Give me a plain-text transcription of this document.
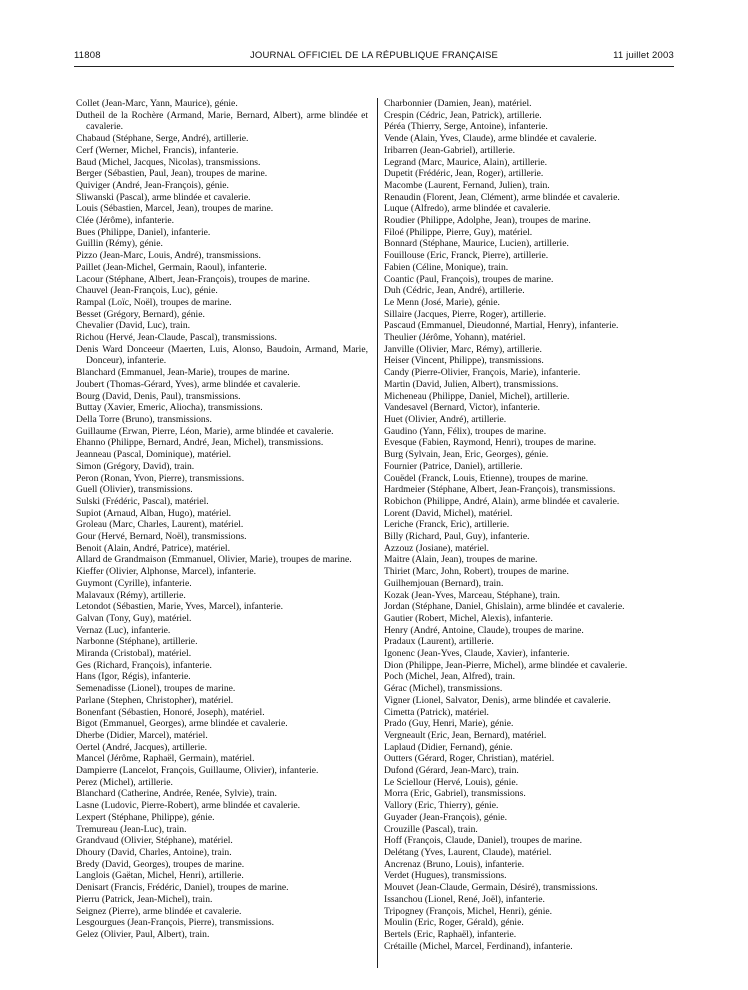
11808	JOURNAL OFFICIEL DE LA RÉPUBLIQUE FRANÇAISE	11 juillet 2003

Collet (Jean-Marc, Yann, Maurice), génie.

Dutheil de la Rochère (Armand, Marie, Bernard, Albert), arme blindée et cavalerie.

Chabaud (Stéphane, Serge, André), artillerie.

Cerf (Werner, Michel, Francis), infanterie.

Baud (Michel, Jacques, Nicolas), transmissions.

Berger (Sébastien, Paul, Jean), troupes de marine.

Quiviger (André, Jean-François), génie.

Sliwanski (Pascal), arme blindée et cavalerie.

Louis (Sébastien, Marcel, Jean), troupes de marine.

Clée (Jérôme), infanterie.

Bues (Philippe, Daniel), infanterie.

Guillin (Rémy), génie.

Pizzo (Jean-Marc, Louis, André), transmissions.

Paillet (Jean-Michel, Germain, Raoul), infanterie.

Lacour (Stéphane, Albert, Jean-François), troupes de marine.

Chauvel (Jean-François, Luc), génie.

Rampal (Loïc, Noël), troupes de marine.

Besset (Grégory, Bernard), génie.

Chevalier (David, Luc), train.

Richou (Hervé, Jean-Claude, Pascal), transmissions.

Denis Ward Donceeur (Maerten, Luis, Alonso, Baudoin, Armand, Marie, Donceur), infanterie.

Blanchard (Emmanuel, Jean-Marie), troupes de marine.

Joubert (Thomas-Gérard, Yves), arme blindée et cavalerie.

Bourg (David, Denis, Paul), transmissions.

Buttay (Xavier, Emeric, Aliocha), transmissions.

Della Torre (Bruno), transmissions.

Guillaume (Erwan, Pierre, Léon, Marie), arme blindée et cavalerie.

Ehanno (Philippe, Bernard, André, Jean, Michel), transmissions.

Jeanneau (Pascal, Dominique), matériel.

Simon (Grégory, David), train.

Peron (Ronan, Yvon, Pierre), transmissions.

Guell (Olivier), transmissions.

Sulski (Frédéric, Pascal), matériel.

Supiot (Arnaud, Alban, Hugo), matériel.

Groleau (Marc, Charles, Laurent), matériel.

Gour (Hervé, Bernard, Noël), transmissions.

Benoit (Alain, André, Patrice), matériel.

Allard de Grandmaison (Emmanuel, Olivier, Marie), troupes de marine.

Kieffer (Olivier, Alphonse, Marcel), infanterie.

Guymont (Cyrille), infanterie.

Malavaux (Rémy), artillerie.

Letondot (Sébastien, Marie, Yves, Marcel), infanterie.

Galvan (Tony, Guy), matériel.

Vernaz (Luc), infanterie.

Narbonne (Stéphane), artillerie.

Miranda (Cristobal), matériel.

Ges (Richard, François), infanterie.

Hans (Igor, Régis), infanterie.

Semenadisse (Lionel), troupes de marine.

Parlane (Stephen, Christopher), matériel.

Bonenfant (Sébastien, Honoré, Joseph), matériel.

Bigot (Emmanuel, Georges), arme blindée et cavalerie.

Dherbe (Didier, Marcel), matériel.

Oertel (André, Jacques), artillerie.

Mancel (Jérôme, Raphaël, Germain), matériel.

Dampierre (Lancelot, François, Guillaume, Olivier), infanterie.

Perez (Michel), artillerie.

Blanchard (Catherine, Andrée, Renée, Sylvie), train.

Lasne (Ludovic, Pierre-Robert), arme blindée et cavalerie.

Lexpert (Stéphane, Philippe), génie.

Tremureau (Jean-Luc), train.

Grandvaud (Olivier, Stéphane), matériel.

Dhoury (David, Charles, Antoine), train.

Bredy (David, Georges), troupes de marine.

Langlois (Gaëtan, Michel, Henri), artillerie.

Denisart (Francis, Frédéric, Daniel), troupes de marine.

Pierru (Patrick, Jean-Michel), train.

Seignez (Pierre), arme blindée et cavalerie.

Lesgourgues (Jean-François, Pierre), transmissions.

Gelez (Olivier, Paul, Albert), train.

Charbonnier (Damien, Jean), matériel.

Crespin (Cédric, Jean, Patrick), artillerie.

Péréa (Thierry, Serge, Antoine), infanterie.

Vende (Alain, Yves, Claude), arme blindée et cavalerie.

Iribarren (Jean-Gabriel), artillerie.

Legrand (Marc, Maurice, Alain), artillerie.

Dupetit (Frédéric, Jean, Roger), artillerie.

Macombe (Laurent, Fernand, Julien), train.

Renaudin (Florent, Jean, Clément), arme blindée et cavalerie.

Luque (Alfredo), arme blindée et cavalerie.

Roudier (Philippe, Adolphe, Jean), troupes de marine.

Filoé (Philippe, Pierre, Guy), matériel.

Bonnard (Stéphane, Maurice, Lucien), artillerie.

Fouillouse (Eric, Franck, Pierre), artillerie.

Fabien (Céline, Monique), train.

Coantic (Paul, François), troupes de marine.

Duh (Cédric, Jean, André), artillerie.

Le Menn (José, Marie), génie.

Sillaire (Jacques, Pierre, Roger), artillerie.

Pascaud (Emmanuel, Dieudonné, Martial, Henry), infanterie.

Theulier (Jérôme, Yohann), matériel.

Janville (Olivier, Marc, Rémy), artillerie.

Heiser (Vincent, Philippe), transmissions.

Candy (Pierre-Olivier, François, Marie), infanterie.

Martin (David, Julien, Albert), transmissions.

Micheneau (Philippe, Daniel, Michel), artillerie.

Vandesavel (Bernard, Victor), infanterie.

Huet (Olivier, André), artillerie.

Gaudino (Yann, Félix), troupes de marine.

Evesque (Fabien, Raymond, Henri), troupes de marine.

Burg (Sylvain, Jean, Eric, Georges), génie.

Fournier (Patrice, Daniel), artillerie.

Couëdel (Franck, Louis, Etienne), troupes de marine.

Hardmeier (Stéphane, Albert, Jean-François), transmissions.

Robichon (Philippe, André, Alain), arme blindée et cavalerie.

Lorent (David, Michel), matériel.

Leriche (Franck, Eric), artillerie.

Billy (Richard, Paul, Guy), infanterie.

Azzouz (Josiane), matériel.

Maitre (Alain, Jean), troupes de marine.

Thiriet (Marc, John, Robert), troupes de marine.

Guilhemjouan (Bernard), train.

Kozak (Jean-Yves, Marceau, Stéphane), train.

Jordan (Stéphane, Daniel, Ghislain), arme blindée et cavalerie.

Gautier (Robert, Michel, Alexis), infanterie.

Henry (André, Antoine, Claude), troupes de marine.

Pradaux (Laurent), artillerie.

Igonenc (Jean-Yves, Claude, Xavier), infanterie.

Dion (Philippe, Jean-Pierre, Michel), arme blindée et cavalerie.

Poch (Michel, Jean, Alfred), train.

Gérac (Michel), transmissions.

Vigner (Lionel, Salvator, Denis), arme blindée et cavalerie.

Cimetta (Patrick), matériel.

Prado (Guy, Henri, Marie), génie.

Vergneault (Eric, Jean, Bernard), matériel.

Laplaud (Didier, Fernand), génie.

Outters (Gérard, Roger, Christian), matériel.

Dufond (Gérard, Jean-Marc), train.

Le Sciellour (Hervé, Louis), génie.

Morra (Eric, Gabriel), transmissions.

Vallory (Eric, Thierry), génie.

Guyader (Jean-François), génie.

Crouzille (Pascal), train.

Hoff (François, Claude, Daniel), troupes de marine.

Delétang (Yves, Laurent, Claude), matériel.

Ancrenaz (Bruno, Louis), infanterie.

Verdet (Hugues), transmissions.

Mouvet (Jean-Claude, Germain, Désiré), transmissions.

Issanchou (Lionel, René, Joël), infanterie.

Tripogney (François, Michel, Henri), génie.

Moulin (Eric, Roger, Gérald), génie.

Bertels (Eric, Raphaël), infanterie.

Crétaille (Michel, Marcel, Ferdinand), infanterie.
